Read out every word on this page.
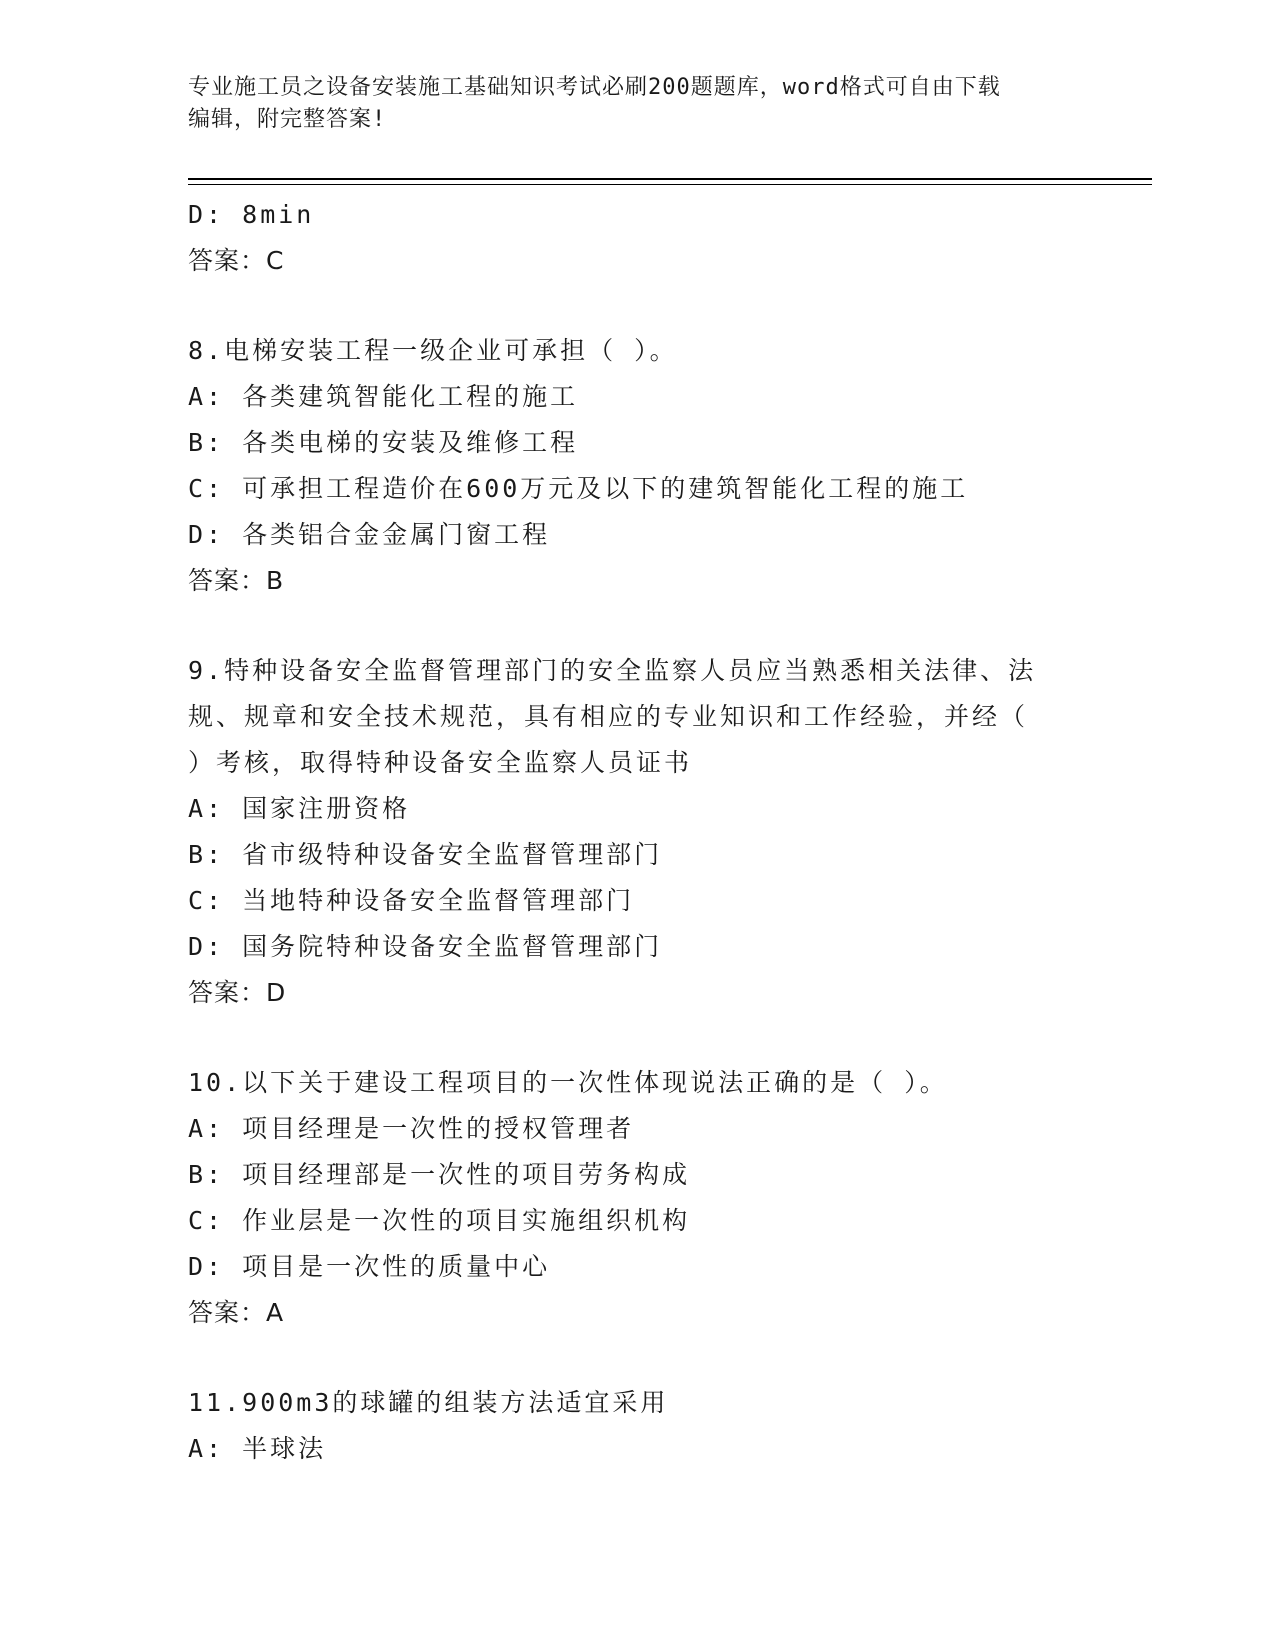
专业施工员之设备安装施工基础知识考试必刷200题题库，word格式可自由下载
编辑，附完整答案!
D: 8min
答案：C
8.电梯安装工程一级企业可承担（ ）。
A: 各类建筑智能化工程的施工
B: 各类电梯的安装及维修工程
C: 可承担工程造价在600万元及以下的建筑智能化工程的施工
D: 各类铝合金金属门窗工程
答案：B
9.特种设备安全监督管理部门的安全监察人员应当熟悉相关法律、法
规、规章和安全技术规范，具有相应的专业知识和工作经验，并经（
）考核，取得特种设备安全监察人员证书
A: 国家注册资格
B: 省市级特种设备安全监督管理部门
C: 当地特种设备安全监督管理部门
D: 国务院特种设备安全监督管理部门
答案：D
10.以下关于建设工程项目的一次性体现说法正确的是（ ）。
A: 项目经理是一次性的授权管理者
B: 项目经理部是一次性的项目劳务构成
C: 作业层是一次性的项目实施组织机构
D: 项目是一次性的质量中心
答案：A
11.900m3的球罐的组装方法适宜采用
A: 半球法
